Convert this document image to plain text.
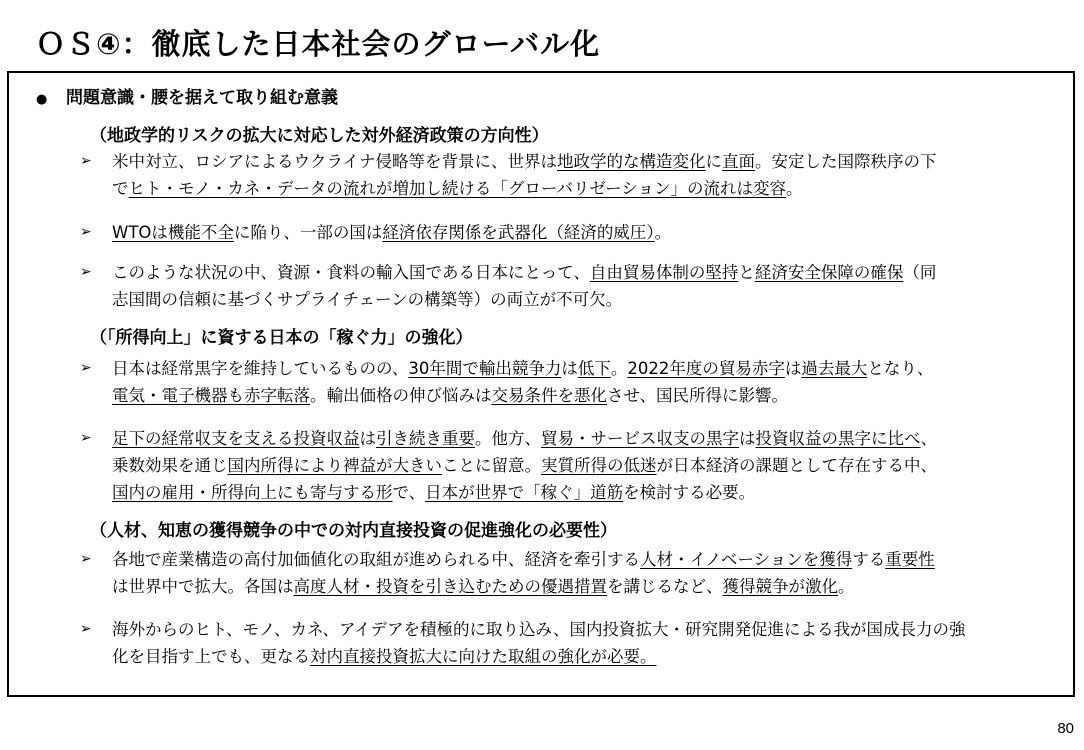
ＯＳ④：徹底した日本社会のグローバル化
● 問題意識・腰を据えて取り組む意義
（地政学的リスクの拡大に対応した対外経済政策の方向性）
➢ 米中対立、ロシアによるウクライナ侵略等を背景に、世界は地政学的な構造変化に直面。安定した国際秩序の下
でヒト・モノ・カネ・データの流れが増加し続ける「グローバリゼーション」の流れは変容。
➢ WTOは機能不全に陥り、一部の国は経済依存関係を武器化（経済的威圧）。
➢ このような状況の中、資源・食料の輸入国である日本にとって、自由貿易体制の堅持と経済安全保障の確保（同
志国間の信頼に基づくサプライチェーンの構築等）の両立が不可欠。
（「所得向上」に資する日本の「稼ぐ力」の強化）
➢ 日本は経常黒字を維持しているものの、30年間で輸出競争力は低下。2022年度の貿易赤字は過去最大となり、
電気・電子機器も赤字転落。輸出価格の伸び悩みは交易条件を悪化させ、国民所得に影響。
➢ 足下の経常収支を支える投資収益は引き続き重要。他方、貿易・サービス収支の黒字は投資収益の黒字に比べ、
乗数効果を通じ国内所得により裨益が大きいことに留意。実質所得の低迷が日本経済の課題として存在する中、
国内の雇用・所得向上にも寄与する形で、日本が世界で「稼ぐ」道筋を検討する必要。
（人材、知恵の獲得競争の中での対内直接投資の促進強化の必要性）
➢ 各地で産業構造の高付加価値化の取組が進められる中、経済を牽引する人材・イノベーションを獲得する重要性
は世界中で拡大。各国は高度人材・投資を引き込むための優遇措置を講じるなど、獲得競争が激化。
➢ 海外からのヒト、モノ、カネ、アイデアを積極的に取り込み、国内投資拡大・研究開発促進による我が国成長力の強
化を目指す上でも、更なる対内直接投資拡大に向けた取組の強化が必要。
80
